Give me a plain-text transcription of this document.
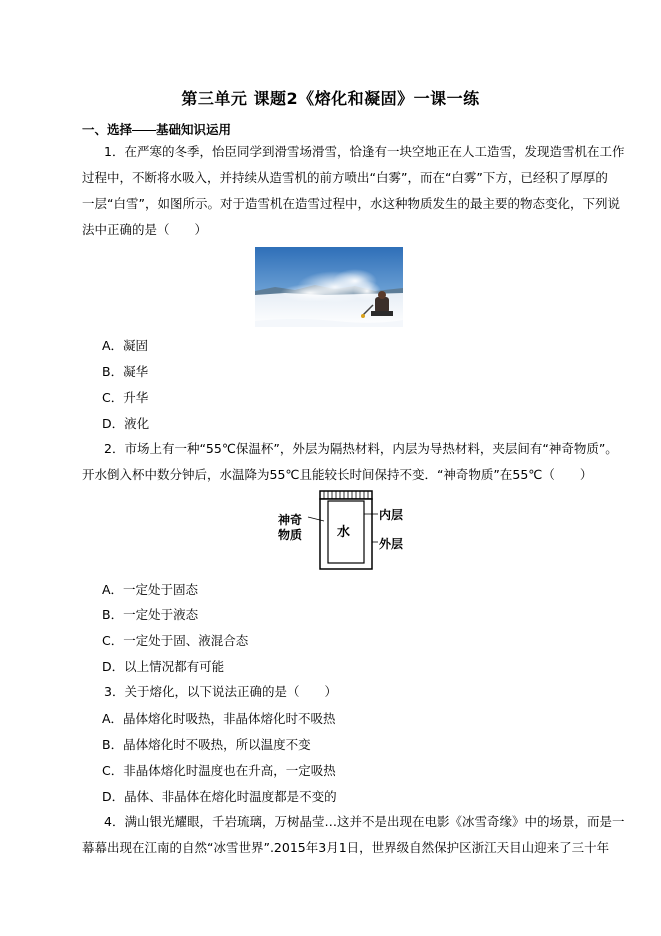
第三单元 课题2《熔化和凝固》一课一练
一、选择 基础知识运用
1．在严寒的冬季，怡臣同学到滑雪场滑雪，恰逢有一块空地正在人工造雪，发现造雪机在工作
过程中，不断将水吸入，并持续从造雪机的前方喷出“白雾”，而在“白雾”下方，已经积了厚厚的
一层“白雪”，如图所示。对于造雪机在造雪过程中，水这种物质发生的最主要的物态变化，下列说
法中正确的是（　　）
A．凝固
B．凝华
C．升华
D．液化
2．市场上有一种“55℃保温杯”，外层为隔热材料，内层为导热材料，夹层间有“神奇物质”。
开水倒入杯中数分钟后，水温降为55℃且能较长时间保持不变．“神奇物质”在55℃（　　）
神奇
物质	水
内层
外层
A．一定处于固态
B．一定处于液态
C．一定处于固、液混合态
D．以上情况都有可能
3．关于熔化，以下说法正确的是（　　）
A．晶体熔化时吸热，非晶体熔化时不吸热
B．晶体熔化时不吸热，所以温度不变
C．非晶体熔化时温度也在升高，一定吸热
D．晶体、非晶体在熔化时温度都是不变的
4．满山银光耀眼，千岩琉璃，万树晶莹…这并不是出现在电影《冰雪奇缘》中的场景，而是一
幕幕出现在江南的自然“冰雪世界”.2015年3月1日，世界级自然保护区浙江天目山迎来了三十年
